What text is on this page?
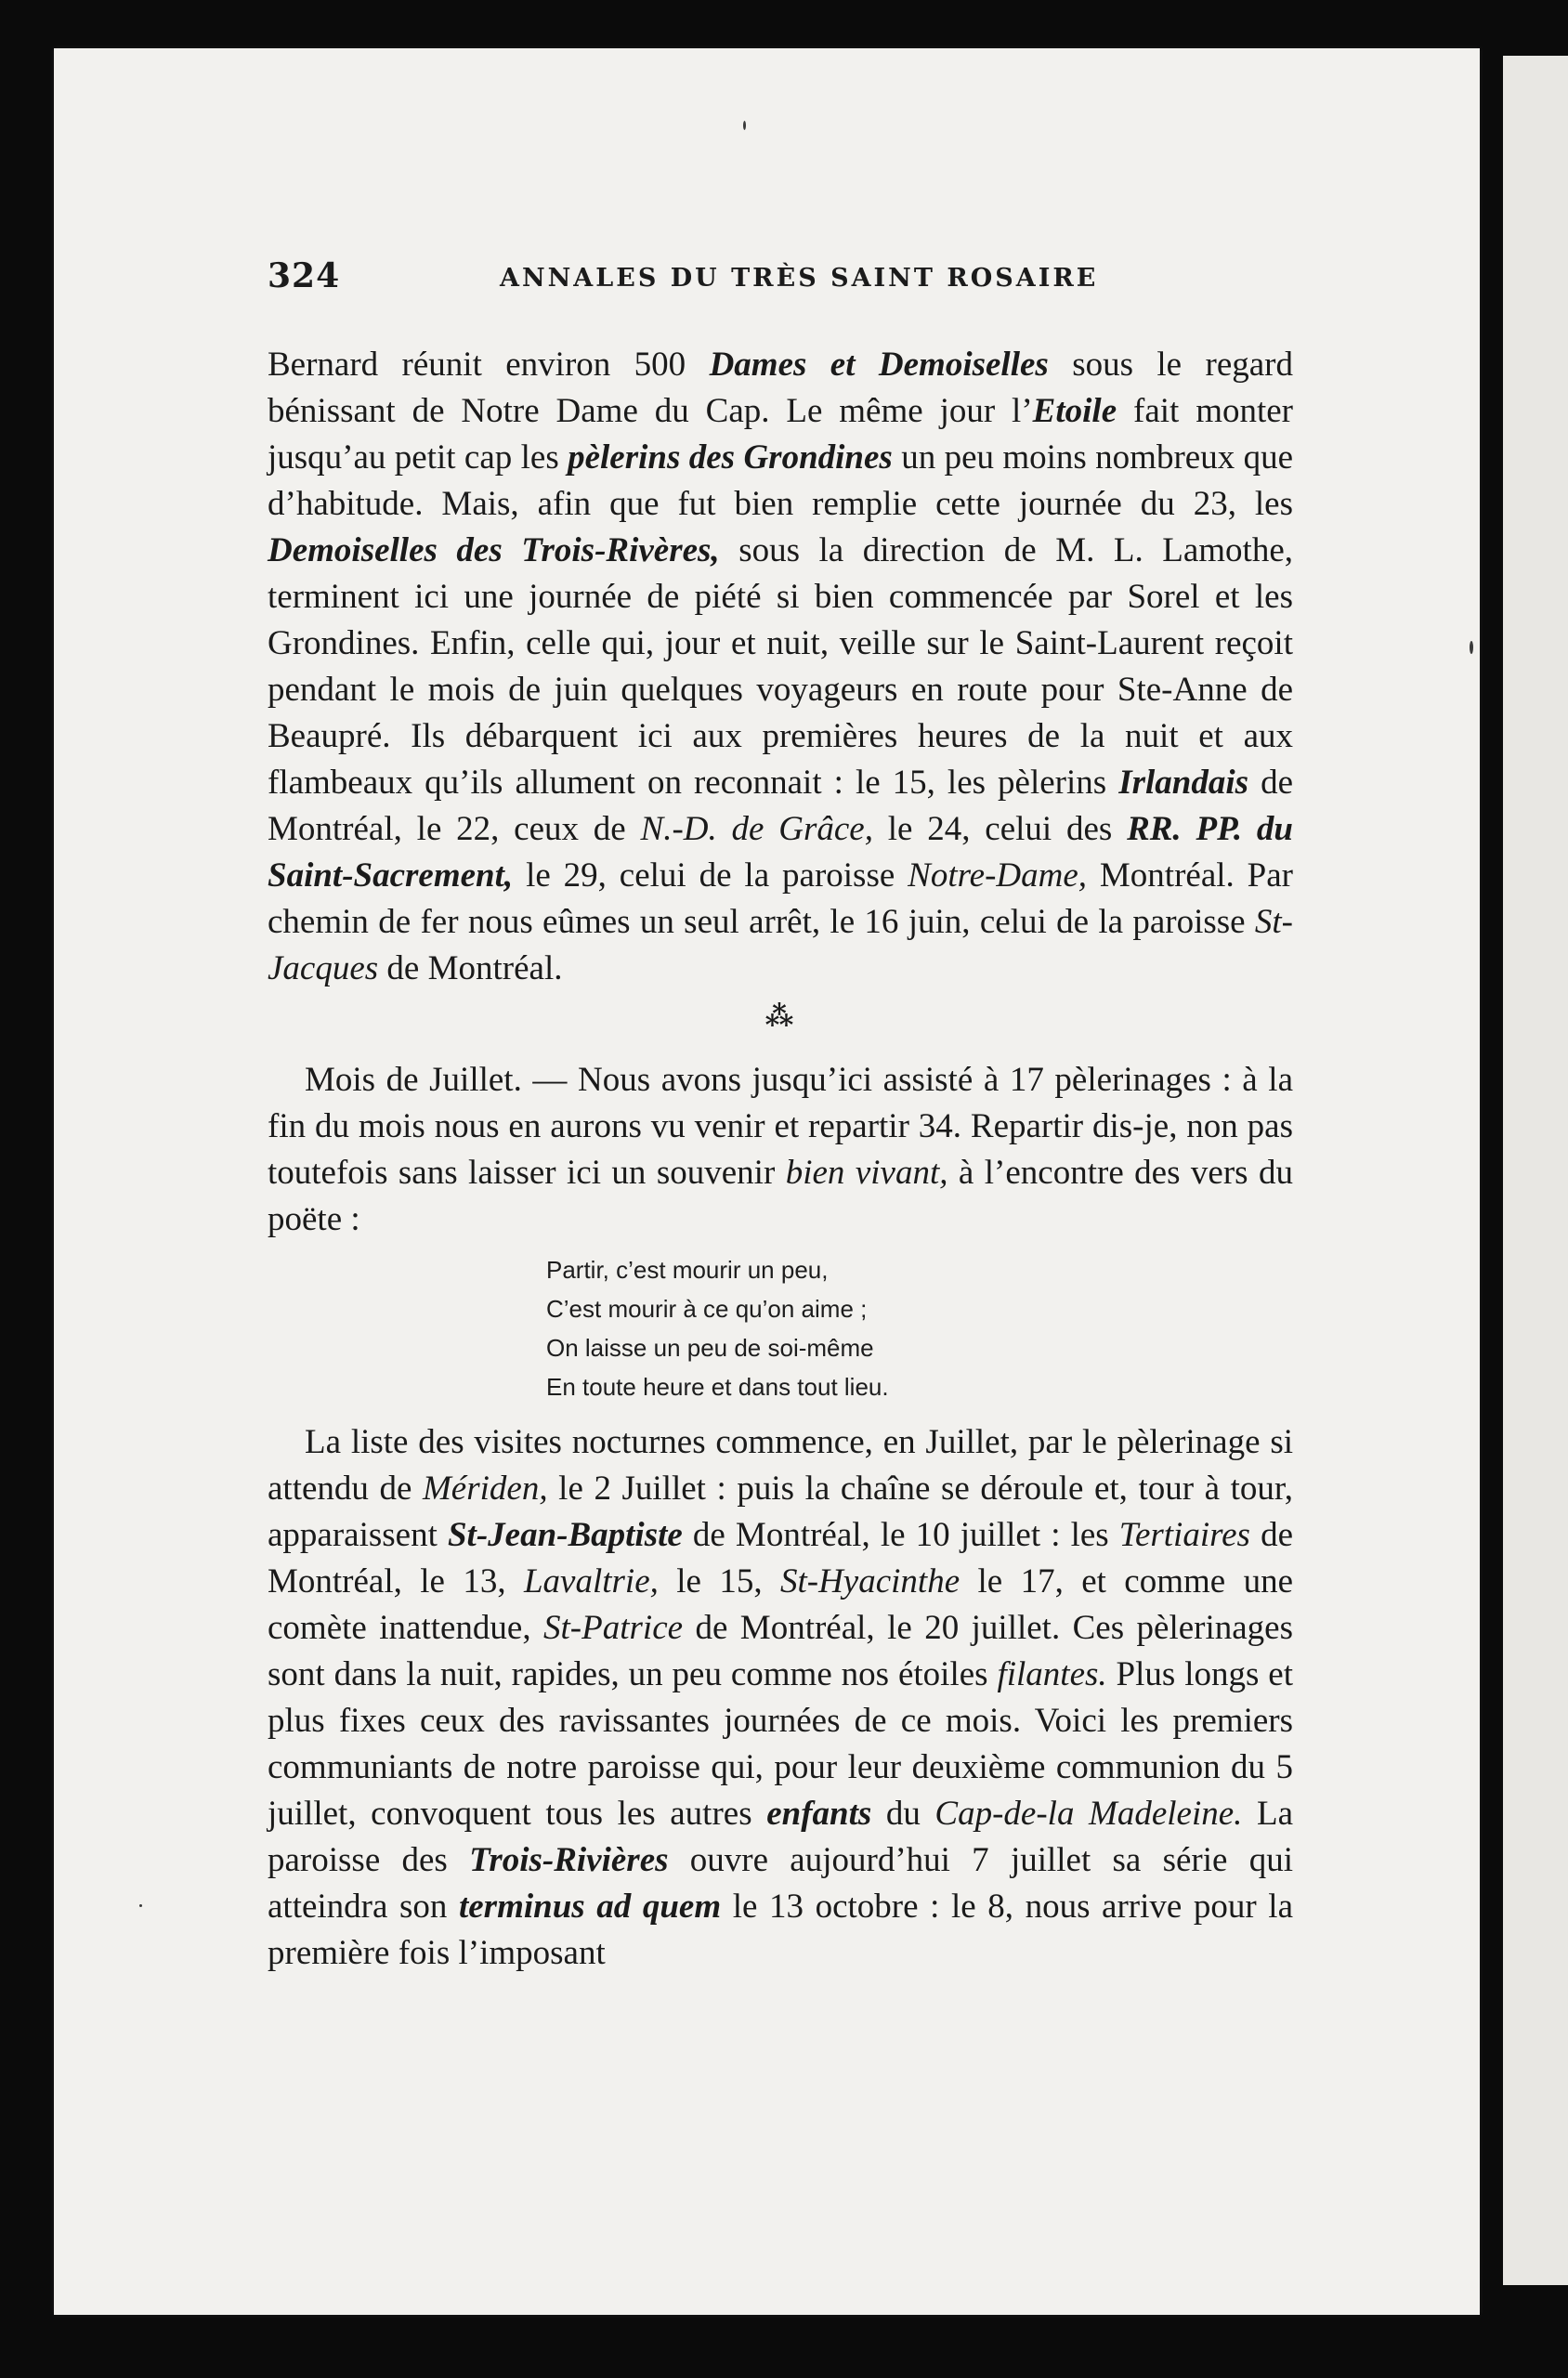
324	ANNALES DU TRÈS SAINT ROSAIRE

Bernard réunit environ 500 Dames et Demoiselles sous le regard bénissant de Notre Dame du Cap. Le même jour l’Etoile fait monter jusqu’au petit cap les pèlerins des Grondines un peu moins nombreux que d’habitude. Mais, afin que fut bien remplie cette journée du 23, les Demoiselles des Trois-Rivères, sous la direction de M. L. Lamothe, terminent ici une journée de piété si bien commencée par Sorel et les Grondines. Enfin, celle qui, jour et nuit, veille sur le Saint-Laurent reçoit pendant le mois de juin quelques voyageurs en route pour Ste-Anne de Beaupré. Ils débarquent ici aux premières heures de la nuit et aux flambeaux qu’ils allument on reconnait : le 15, les pèlerins Irlandais de Montréal, le 22, ceux de N.-D. de Grâce, le 24, celui des RR. PP. du Saint-Sacrement, le 29, celui de la paroisse Notre-Dame, Montréal. Par chemin de fer nous eûmes un seul arrêt, le 16 juin, celui de la paroisse St-Jacques de Montréal.

⁂

Mois de Juillet. — Nous avons jusqu’ici assisté à 17 pèlerinages : à la fin du mois nous en aurons vu venir et repartir 34. Repartir dis-je, non pas toutefois sans laisser ici un souvenir bien vivant, à l’encontre des vers du poëte :

Partir, c’est mourir un peu,
C’est mourir à ce qu’on aime ;
On laisse un peu de soi-même
En toute heure et dans tout lieu.

La liste des visites nocturnes commence, en Juillet, par le pèlerinage si attendu de Mériden, le 2 Juillet : puis la chaîne se déroule et, tour à tour, apparaissent St-Jean-Baptiste de Montréal, le 10 juillet : les Tertiaires de Montréal, le 13, Lavaltrie, le 15, St-Hyacinthe le 17, et comme une comète inattendue, St-Patrice de Montréal, le 20 juillet. Ces pèlerinages sont dans la nuit, rapides, un peu comme nos étoiles filantes. Plus longs et plus fixes ceux des ravissantes journées de ce mois. Voici les premiers communiants de notre paroisse qui, pour leur deuxième communion du 5 juillet, convoquent tous les autres enfants du Cap-de-la Madeleine. La paroisse des Trois-Rivières ouvre aujourd’hui 7 juillet sa série qui atteindra son terminus ad quem le 13 octobre : le 8, nous arrive pour la première fois l’imposant
